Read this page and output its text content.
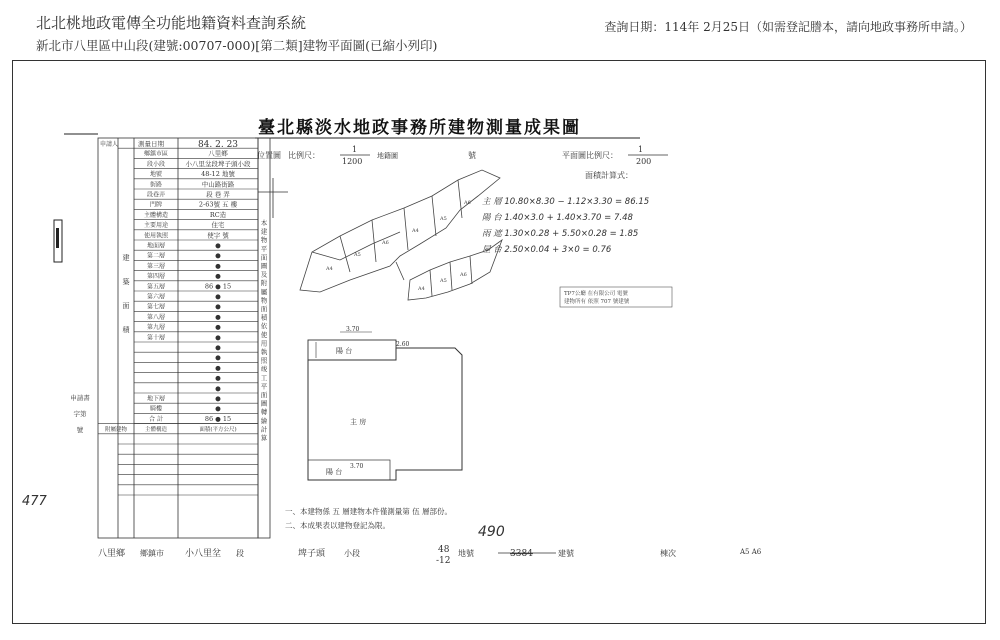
北北桃地政電傳全功能地籍資料查詢系統
新北市八里區中山段(建號:00707-000)[第二類]建物平面圖(已縮小列印)
查詢日期：114年 2月25日（如需登記謄本，請向地政事務所申請。）
臺北縣淡水地政事務所建物測量成果圖
測量日期	84. 2. 23
申請人
鄉鎮市區	八里鄉
段小段	小八里坌段埤子頭小段
地號	48-12 地號
街路	中山路街路
段巷弄	段 巷 弄
門牌	2-63號 五 樓
主體構造	RC造
主要用途	住宅
使用執照	使字 號
地面層	●
第二層	●
第三層	●
第四層	●
第五層	86 ● 15
第六層	●
第七層	●
第八層	●
第九層	●
第十層	●
●
●
●
●
●
地下層	●
騎樓	●
合 計	86 ● 15
附屬建物	主體構造	面積(平方公尺)
建
築
面
積
申請書
字第
號
本
建
物
平
面
圖
及
附
屬
物
面
積
依
使
用
執
照
竣
工
平
面
圖
轉
繪
計
算
477
位置圖 比例尺：
1
1200
地籍圖	號
A4
A5
A6
A4
A5
A6
A4
A5
A6
平面圖比例尺：
1
200
面積計算式：
主 層 10.80×8.30 − 1.12×3.30 = 86.15
陽 台 1.40×3.0 + 1.40×3.70 = 7.48
雨 遮 1.30×0.28 + 5.50×0.28 = 1.85
屋 台 2.50×0.04 + 3×0 = 0.76
TP7公廳 在有限公司 電號
建物所有 依照 707 號建號
3.70
陽 台
主 房
2.60
陽 台
3.70
一、本建物係 五 層建物本件僅測量第 伍 層部份。
二、本成果表以建物登記為限。	490
八里鄉 鄉鎮市 小八里坌 段	埤子頭 小段	48
-12
地號	3384	建號	棟次	A5 A6
